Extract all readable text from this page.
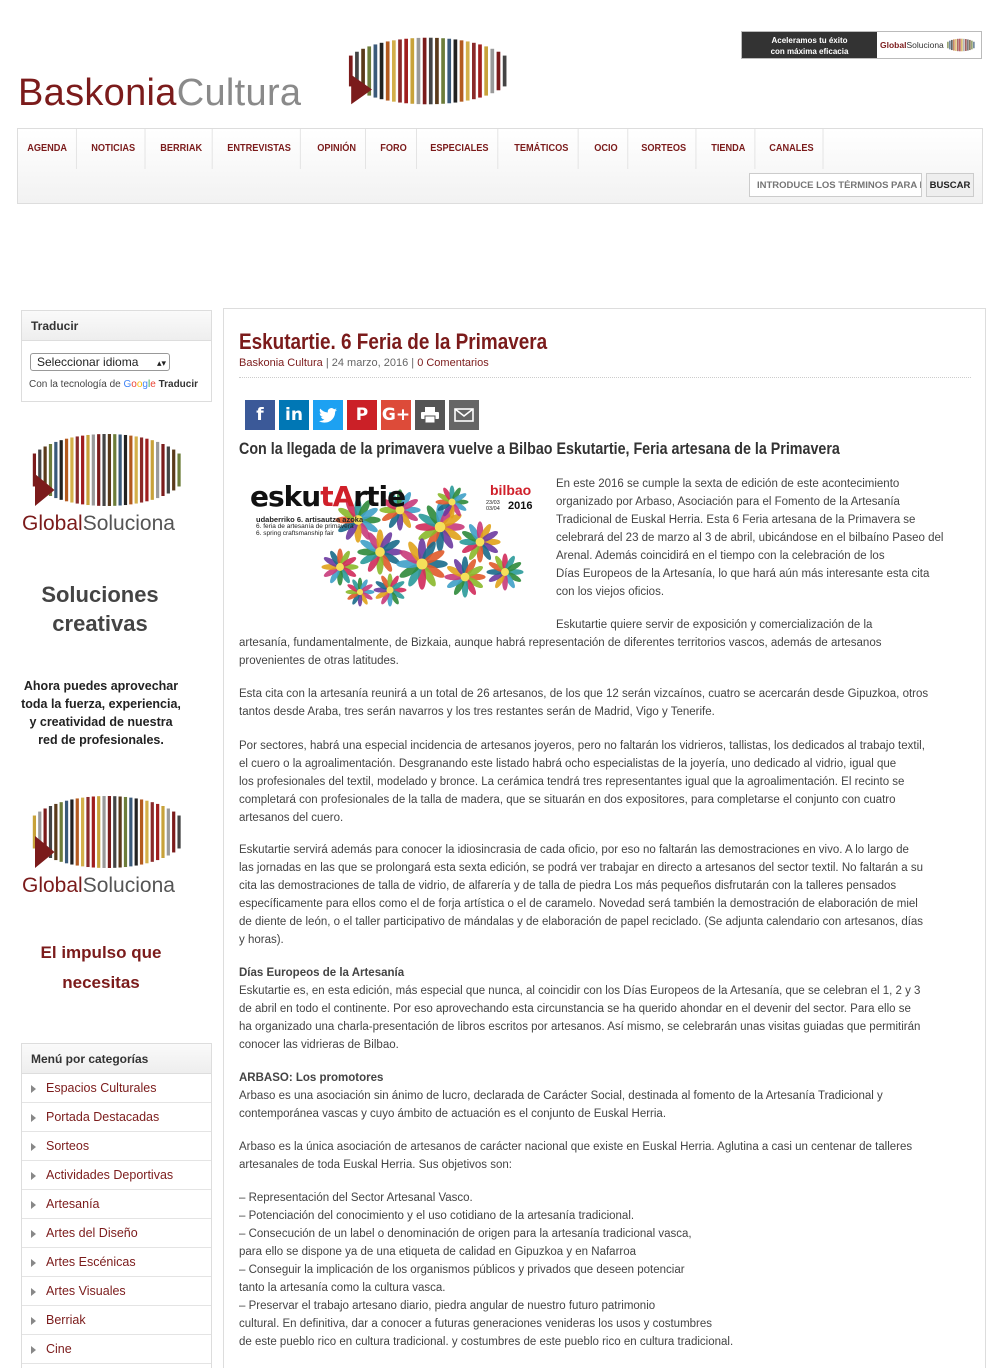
BaskoniaCultura
Aceleramos tu éxito
con máxima eficacia
GlobalSoluciona
AGENDA	NOTICIAS	BERRIAK	ENTREVISTAS	OPINIÓN	FORO	ESPECIALES	TEMÁTICOS	OCIO	SORTEOS	TIENDA	CANALES
INTRODUCE LOS TÉRMINOS PARA LA
BUSCAR
Traducir
Seleccionar idioma ▴▾
Con la tecnología de Google Traducir
GlobalSoluciona
Soluciones
creativas
Ahora puedes aprovechar
toda la fuerza, experiencia,
y creatividad de nuestra
red de profesionales.
GlobalSoluciona
El impulso que
necesitas
Menú por categorías
Espacios Culturales
Portada Destacadas
Sorteos
Actividades Deportivas
Artesanía
Artes del Diseño
Artes Escénicas
Artes Visuales
Berriak
Cine
Eskutartie. 6 Feria de la Primavera
Baskonia Cultura | 24 marzo, 2016 | 0 Comentarios
f	in	P G+
Con la llegada de la primavera vuelve a Bilbao Eskutartie, Feria artesana de la Primavera
eskutArtie
udaberriko 6. artisautza azoka
6. feria de artesanía de primavera
6. spring craftsmanship fair
bilbao
23/03
03/04 2016
En este 2016 se cumple la sexta de edición de este acontecimiento
organizado por Arbaso, Asociación para el Fomento de la Artesanía
Tradicional de Euskal Herria. Esta 6 Feria artesana de la Primavera se
celebrará del 23 de marzo al 3 de abril, ubicándose en el bilbaíno Paseo del
Arenal. Además coincidirá en el tiempo con la celebración de los
Días Europeos de la Artesanía, lo que hará aún más interesante esta cita
con los viejos oficios.
Eskutartie quiere servir de exposición y comercialización de la
artesanía, fundamentalmente, de Bizkaia, aunque habrá representación de diferentes territorios vascos, además de artesanos
provenientes de otras latitudes.
Esta cita con la artesanía reunirá a un total de 26 artesanos, de los que 12 serán vizcaínos, cuatro se acercarán desde Gipuzkoa, otros
tantos desde Araba, tres serán navarros y los tres restantes serán de Madrid, Vigo y Tenerife.
Por sectores, habrá una especial incidencia de artesanos joyeros, pero no faltarán los vidrieros, tallistas, los dedicados al trabajo textil,
el cuero o la agroalimentación. Desgranando este listado habrá ocho especialistas de la joyería, uno dedicado al vidrio, igual que
los profesionales del textil, modelado y bronce. La cerámica tendrá tres representantes igual que la agroalimentación. El recinto se
completará con profesionales de la talla de madera, que se situarán en dos expositores, para completarse el conjunto con cuatro
artesanos del cuero.
Eskutartie servirá además para conocer la idiosincrasia de cada oficio, por eso no faltarán las demostraciones en vivo. A lo largo de
las jornadas en las que se prolongará esta sexta edición, se podrá ver trabajar en directo a artesanos del sector textil. No faltarán a su
cita las demostraciones de talla de vidrio, de alfarería y de talla de piedra Los más pequeños disfrutarán con la talleres pensados
específicamente para ellos como el de forja artística o el de caramelo. Novedad será también la demostración de elaboración de miel
de diente de león, o el taller participativo de mándalas y de elaboración de papel reciclado. (Se adjunta calendario con artesanos, días
y horas).
Días Europeos de la Artesanía
Eskutartie es, en esta edición, más especial que nunca, al coincidir con los Días Europeos de la Artesanía, que se celebran el 1, 2 y 3
de abril en todo el continente. Por eso aprovechando esta circunstancia se ha querido ahondar en el devenir del sector. Para ello se
ha organizado una charla-presentación de libros escritos por artesanos. Así mismo, se celebrarán unas visitas guiadas que permitirán
conocer las vidrieras de Bilbao.
ARBASO: Los promotores
Arbaso es una asociación sin ánimo de lucro, declarada de Carácter Social, destinada al fomento de la Artesanía Tradicional y
contemporánea vascas y cuyo ámbito de actuación es el conjunto de Euskal Herria.
Arbaso es la única asociación de artesanos de carácter nacional que existe en Euskal Herria. Aglutina a casi un centenar de talleres
artesanales de toda Euskal Herria. Sus objetivos son:
– Representación del Sector Artesanal Vasco.
– Potenciación del conocimiento y el uso cotidiano de la artesanía tradicional.
– Consecución de un label o denominación de origen para la artesanía tradicional vasca,
para ello se dispone ya de una etiqueta de calidad en Gipuzkoa y en Nafarroa
– Conseguir la implicación de los organismos públicos y privados que deseen potenciar
tanto la artesanía como la cultura vasca.
– Preservar el trabajo artesano diario, piedra angular de nuestro futuro patrimonio
cultural. En definitiva, dar a conocer a futuras generaciones venideras los usos y costumbres
de este pueblo rico en cultura tradicional. y costumbres de este pueblo rico en cultura tradicional.
